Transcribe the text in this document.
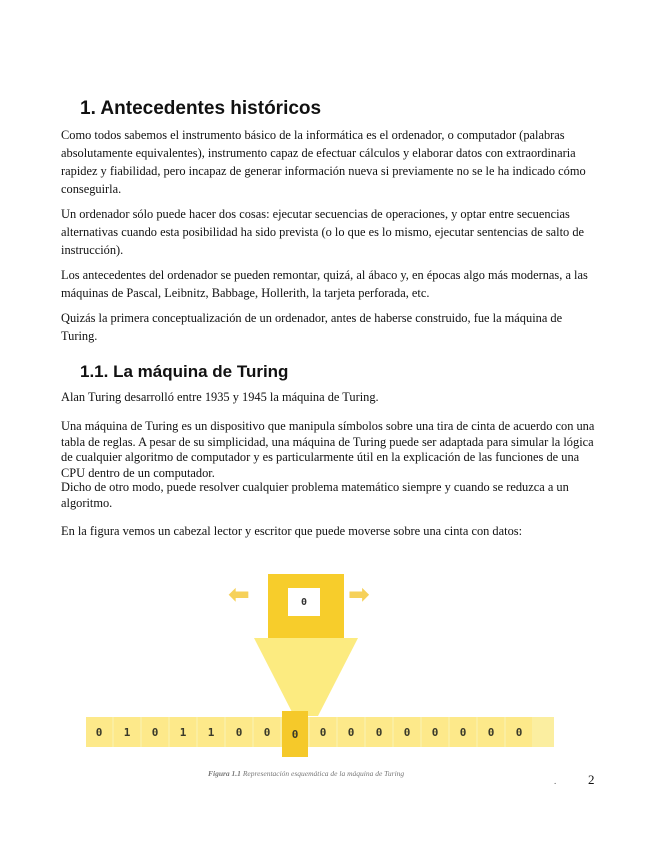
1. Antecedentes históricos

Como todos sabemos el instrumento básico de la informática es el ordenador, o computador (palabras absolutamente equivalentes), instrumento capaz de efectuar cálculos y elaborar datos con extraordinaria rapidez y fiabilidad, pero incapaz de generar información nueva si previamente no se le ha indicado cómo conseguirla.

Un ordenador sólo puede hacer dos cosas: ejecutar secuencias de operaciones, y optar entre secuencias alternativas cuando esta posibilidad ha sido prevista (o lo que es lo mismo, ejecutar sentencias de salto de instrucción).

Los antecedentes del ordenador se pueden remontar, quizá, al ábaco y, en épocas algo más modernas, a las máquinas de Pascal, Leibnitz, Babbage, Hollerith, la tarjeta perforada, etc.

Quizás la primera conceptualización de un ordenador, antes de haberse construido, fue la máquina de Turing.

1.1. La máquina de Turing

Alan Turing desarrolló entre 1935 y 1945 la máquina de Turing.

Una máquina de Turing es un dispositivo que manipula símbolos sobre una tira de cinta de acuerdo con una tabla de reglas. A pesar de su simplicidad, una máquina de Turing puede ser adaptada para simular la lógica de cualquier algoritmo de computador y es particularmente útil en la explicación de las funciones de una CPU dentro de un computador.

Dicho de otro modo, puede resolver cualquier problema matemático siempre y cuando se reduzca a un algoritmo.

En la figura vemos un cabezal lector y escritor que puede moverse sobre una cinta con datos:

⬅	0	➡
0	1	0	1	1	0	0	0	0	0	0	0	0	0	0	0
Figura 1.1 Representación esquemática de la máquina de Turing
. 2
